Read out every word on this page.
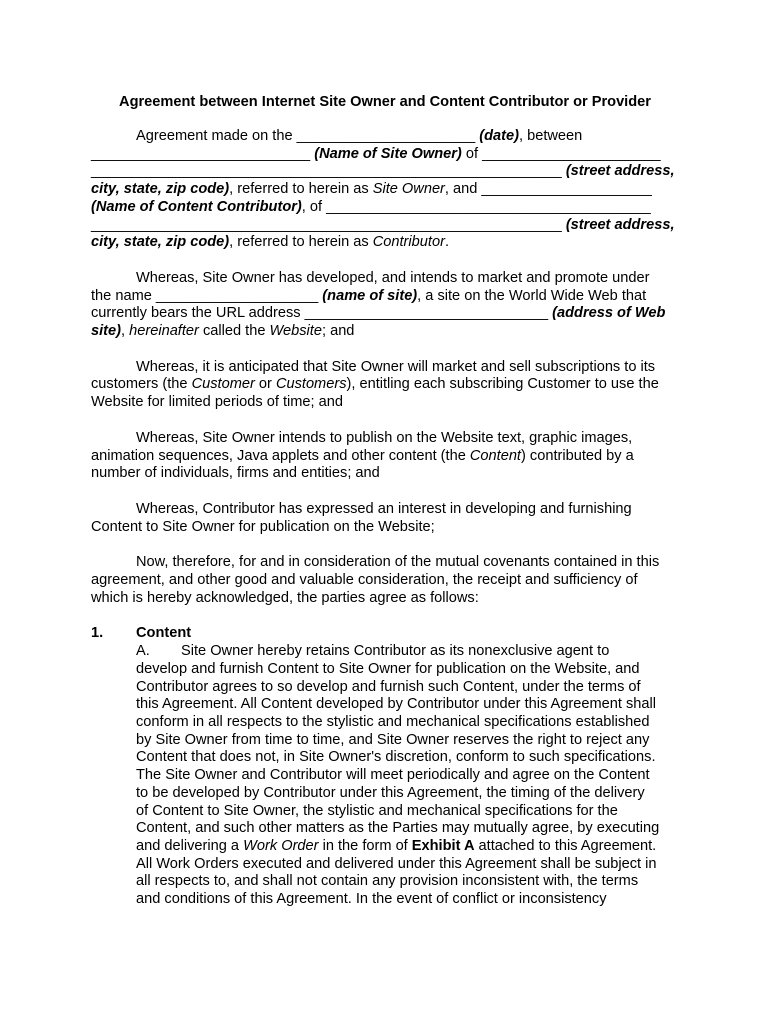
Agreement between Internet Site Owner and Content Contributor or Provider

Agreement made on the ______________________ (date), between

___________________________ (Name of Site Owner) of ______________________

__________________________________________________________ (street address,

city, state, zip code), referred to herein as Site Owner, and _____________________

(Name of Content Contributor), of ________________________________________

__________________________________________________________ (street address,

city, state, zip code), referred to herein as Contributor.

Whereas, Site Owner has developed, and intends to market and promote under

the name ____________________ (name of site), a site on the World Wide Web that

currently bears the URL address ______________________________ (address of Web

site), hereinafter called the Website; and

Whereas, it is anticipated that Site Owner will market and sell subscriptions to its

customers (the Customer or Customers), entitling each subscribing Customer to use the

Website for limited periods of time; and

Whereas, Site Owner intends to publish on the Website text, graphic images,

animation sequences, Java applets and other content (the Content) contributed by a

number of individuals, firms and entities; and

Whereas, Contributor has expressed an interest in developing and furnishing

Content to Site Owner for publication on the Website;

Now, therefore, for and in consideration of the mutual covenants contained in this

agreement, and other good and valuable consideration, the receipt and sufficiency of

which is hereby acknowledged, the parties agree as follows:

1.	Content

A. Site Owner hereby retains Contributor as its nonexclusive agent to

develop and furnish Content to Site Owner for publication on the Website, and

Contributor agrees to so develop and furnish such Content, under the terms of

this Agreement. All Content developed by Contributor under this Agreement shall

conform in all respects to the stylistic and mechanical specifications established

by Site Owner from time to time, and Site Owner reserves the right to reject any

Content that does not, in Site Owner's discretion, conform to such specifications.

The Site Owner and Contributor will meet periodically and agree on the Content

to be developed by Contributor under this Agreement, the timing of the delivery

of Content to Site Owner, the stylistic and mechanical specifications for the

Content, and such other matters as the Parties may mutually agree, by executing

and delivering a Work Order in the form of Exhibit A attached to this Agreement.

All Work Orders executed and delivered under this Agreement shall be subject in

all respects to, and shall not contain any provision inconsistent with, the terms

and conditions of this Agreement. In the event of conflict or inconsistency
